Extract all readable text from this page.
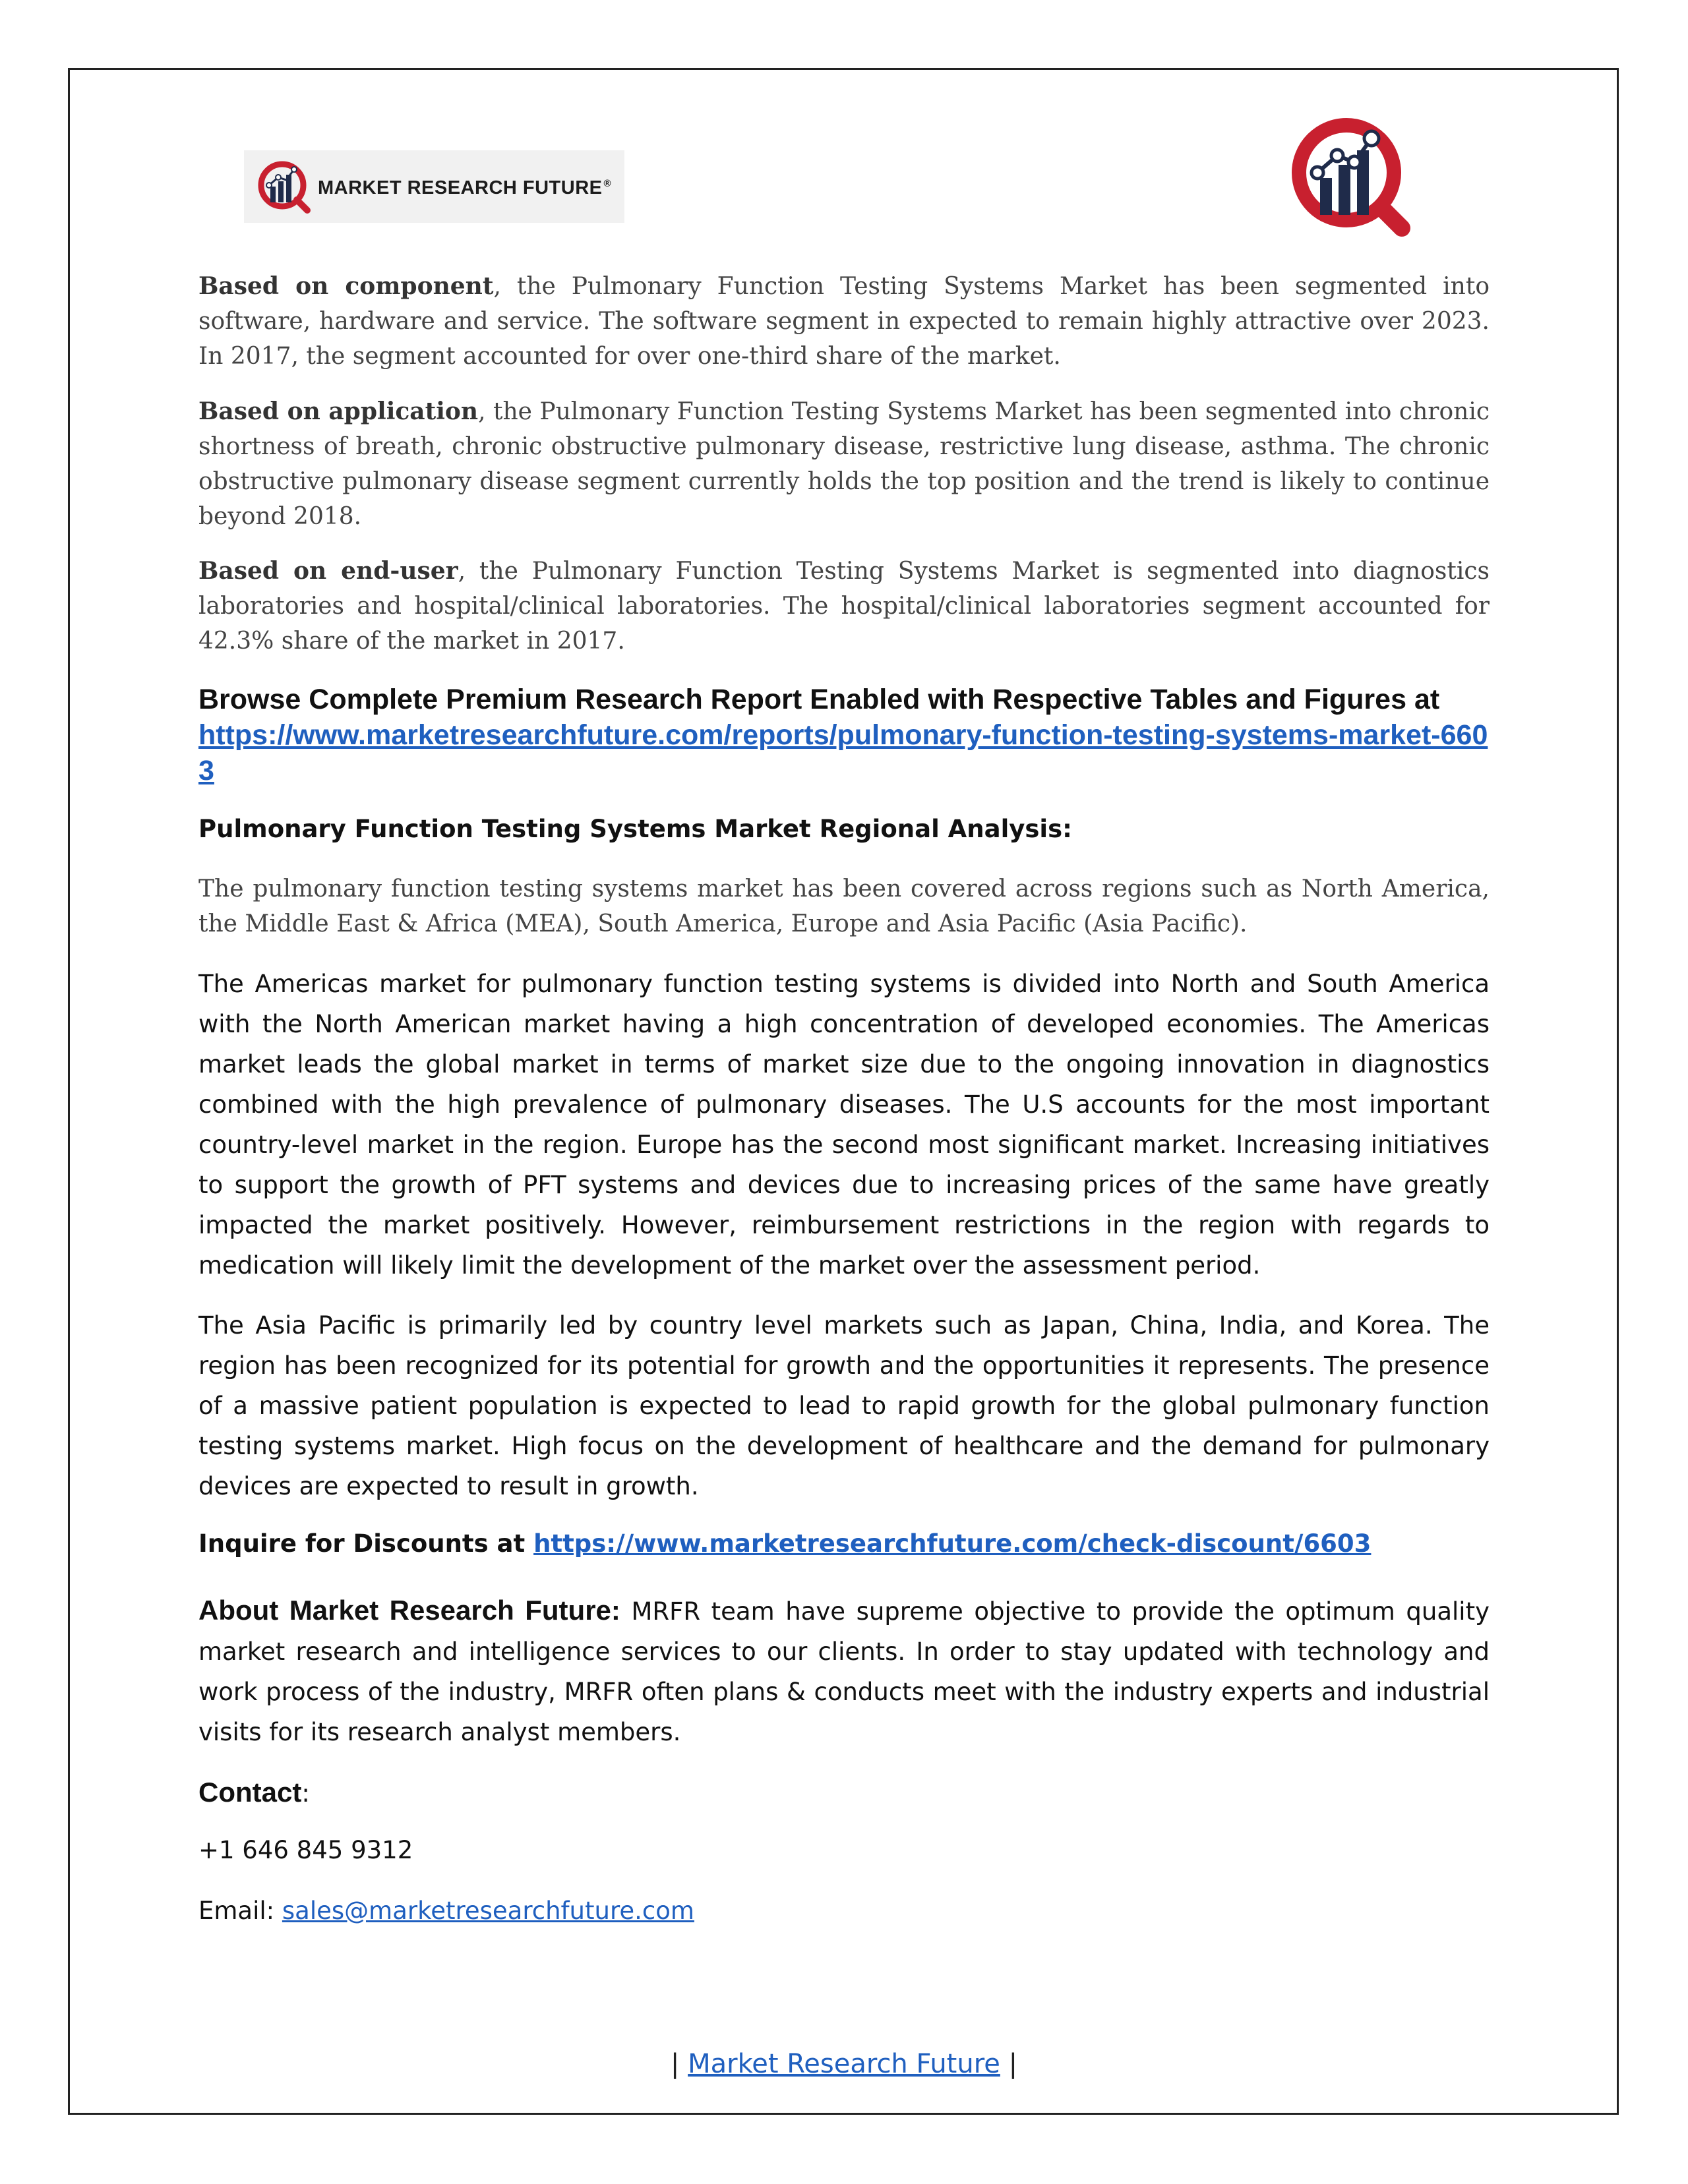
MARKET RESEARCH FUTURE ®

Based on component, the Pulmonary Function Testing Systems Market has been segmented into software, hardware and service. The software segment in expected to remain highly attractive over 2023. In 2017, the segment accounted for over one-third share of the market.

Based on application, the Pulmonary Function Testing Systems Market has been segmented into chronic shortness of breath, chronic obstructive pulmonary disease, restrictive lung disease, asthma. The chronic obstructive pulmonary disease segment currently holds the top position and the trend is likely to continue beyond 2018.

Based on end-user, the Pulmonary Function Testing Systems Market is segmented into diagnostics laboratories and hospital/clinical laboratories. The hospital/clinical laboratories segment accounted for 42.3% share of the market in 2017.

Browse Complete Premium Research Report Enabled with Respective Tables and Figures at

https://www.marketresearchfuture.com/reports/pulmonary-function-testing-systems-market-6603

Pulmonary Function Testing Systems Market Regional Analysis:

The pulmonary function testing systems market has been covered across regions such as North America, the Middle East & Africa (MEA), South America, Europe and Asia Pacific (Asia Pacific).

The Americas market for pulmonary function testing systems is divided into North and South America with the North American market having a high concentration of developed economies. The Americas market leads the global market in terms of market size due to the ongoing innovation in diagnostics combined with the high prevalence of pulmonary diseases. The U.S accounts for the most important country-level market in the region. Europe has the second most significant market. Increasing initiatives to support the growth of PFT systems and devices due to increasing prices of the same have greatly impacted the market positively. However, reimbursement restrictions in the region with regards to medication will likely limit the development of the market over the assessment period.

The Asia Pacific is primarily led by country level markets such as Japan, China, India, and Korea. The region has been recognized for its potential for growth and the opportunities it represents. The presence of a massive patient population is expected to lead to rapid growth for the global pulmonary function testing systems market. High focus on the development of healthcare and the demand for pulmonary devices are expected to result in growth.

Inquire for Discounts at https://www.marketresearchfuture.com/check-discount/6603

About Market Research Future: MRFR team have supreme objective to provide the optimum quality market research and intelligence services to our clients. In order to stay updated with technology and work process of the industry, MRFR often plans & conducts meet with the industry experts and industrial visits for its research analyst members.

Contact:

+1 646 845 9312

Email: sales@marketresearchfuture.com

| Market Research Future |
